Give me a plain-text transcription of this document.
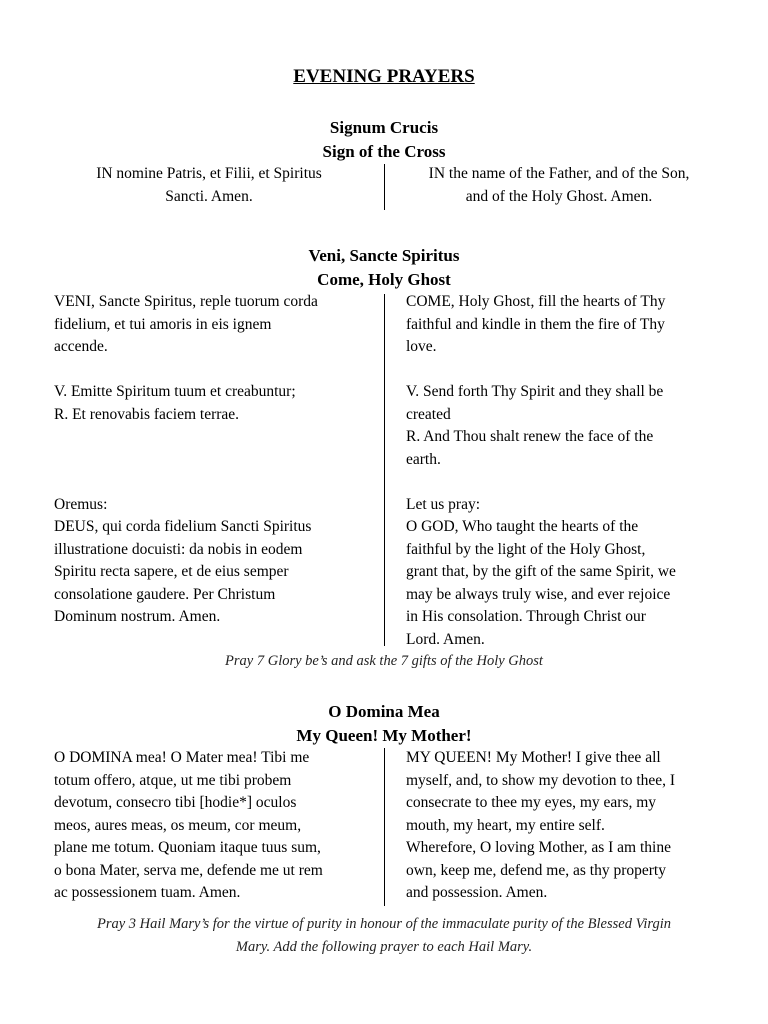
EVENING PRAYERS
Signum Crucis
Sign of the Cross

IN nomine Patris, et Filii, et Spiritus

Sancti. Amen.

IN the name of the Father, and of the Son,

and of the Holy Ghost. Amen.

Veni, Sancte Spiritus
Come, Holy Ghost

VENI, Sancte Spiritus, reple tuorum corda

fidelium, et tui amoris in eis ignem

accende.

V. Emitte Spiritum tuum et creabuntur;

R. Et renovabis faciem terrae.

Oremus:

DEUS, qui corda fidelium Sancti Spiritus

illustratione docuisti: da nobis in eodem

Spiritu recta sapere, et de eius semper

consolatione gaudere. Per Christum

Dominum nostrum. Amen.

COME, Holy Ghost, fill the hearts of Thy

faithful and kindle in them the fire of Thy

love.

V. Send forth Thy Spirit and they shall be

created

R. And Thou shalt renew the face of the

earth.

Let us pray:

O GOD, Who taught the hearts of the

faithful by the light of the Holy Ghost,

grant that, by the gift of the same Spirit, we

may be always truly wise, and ever rejoice

in His consolation. Through Christ our

Lord. Amen.

Pray 7 Glory be’s and ask the 7 gifts of the Holy Ghost
O Domina Mea
My Queen! My Mother!

O DOMINA mea! O Mater mea! Tibi me

totum offero, atque, ut me tibi probem

devotum, consecro tibi [hodie*] oculos

meos, aures meas, os meum, cor meum,

plane me totum. Quoniam itaque tuus sum,

o bona Mater, serva me, defende me ut rem

ac possessionem tuam. Amen.

MY QUEEN! My Mother! I give thee all

myself, and, to show my devotion to thee, I

consecrate to thee my eyes, my ears, my

mouth, my heart, my entire self.

Wherefore, O loving Mother, as I am thine

own, keep me, defend me, as thy property

and possession. Amen.

Pray 3 Hail Mary’s for the virtue of purity in honour of the immaculate purity of the Blessed Virgin
Mary. Add the following prayer to each Hail Mary.
